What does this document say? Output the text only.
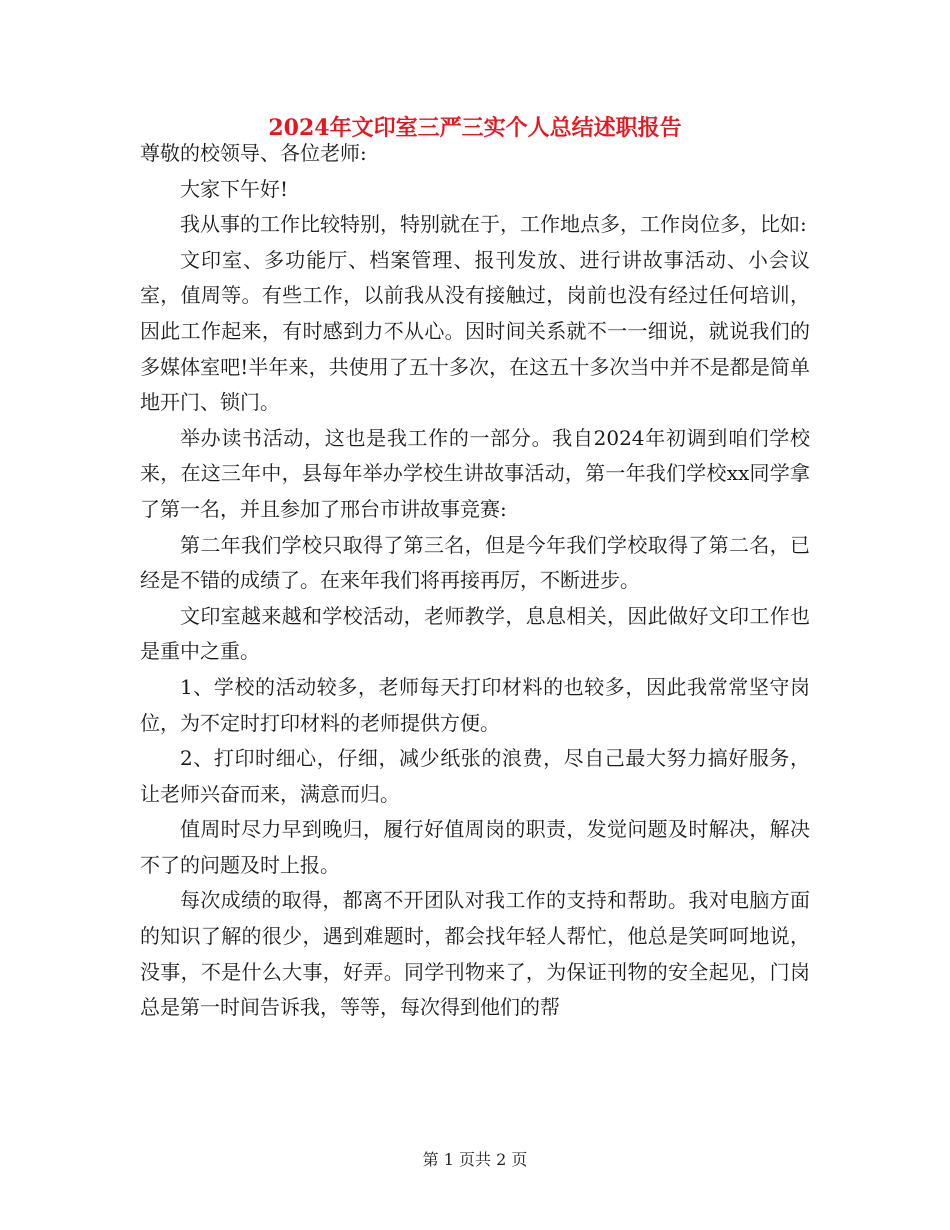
2024年文印室三严三实个人总结述职报告

尊敬的校领导、各位老师:

大家下午好!

我从事的工作比较特别，特别就在于，工作地点多，工作岗位多，比如:

文印室、多功能厅、档案管理、报刊发放、进行讲故事活动、小会议室，值周等。有些工作，以前我从没有接触过，岗前也没有经过任何培训，因此工作起来，有时感到力不从心。因时间关系就不一一细说，就说我们的多媒体室吧!半年来，共使用了五十多次，在这五十多次当中并不是都是简单地开门、锁门。

举办读书活动，这也是我工作的一部分。我自2024年初调到咱们学校来，在这三年中，县每年举办学校生讲故事活动，第一年我们学校xx同学拿了第一名，并且参加了邢台市讲故事竞赛:

第二年我们学校只取得了第三名，但是今年我们学校取得了第二名，已经是不错的成绩了。在来年我们将再接再厉，不断进步。

文印室越来越和学校活动，老师教学，息息相关，因此做好文印工作也是重中之重。

1、学校的活动较多，老师每天打印材料的也较多，因此我常常坚守岗位，为不定时打印材料的老师提供方便。

2、打印时细心，仔细，减少纸张的浪费，尽自己最大努力搞好服务，让老师兴奋而来，满意而归。

值周时尽力早到晚归，履行好值周岗的职责，发觉问题及时解决，解决不了的问题及时上报。

每次成绩的取得，都离不开团队对我工作的支持和帮助。我对电脑方面的知识了解的很少，遇到难题时，都会找年轻人帮忙，他总是笑呵呵地说，没事，不是什么大事，好弄。同学刊物来了，为保证刊物的安全起见，门岗总是第一时间告诉我，等等，每次得到他们的帮

第 1 页共 2 页
